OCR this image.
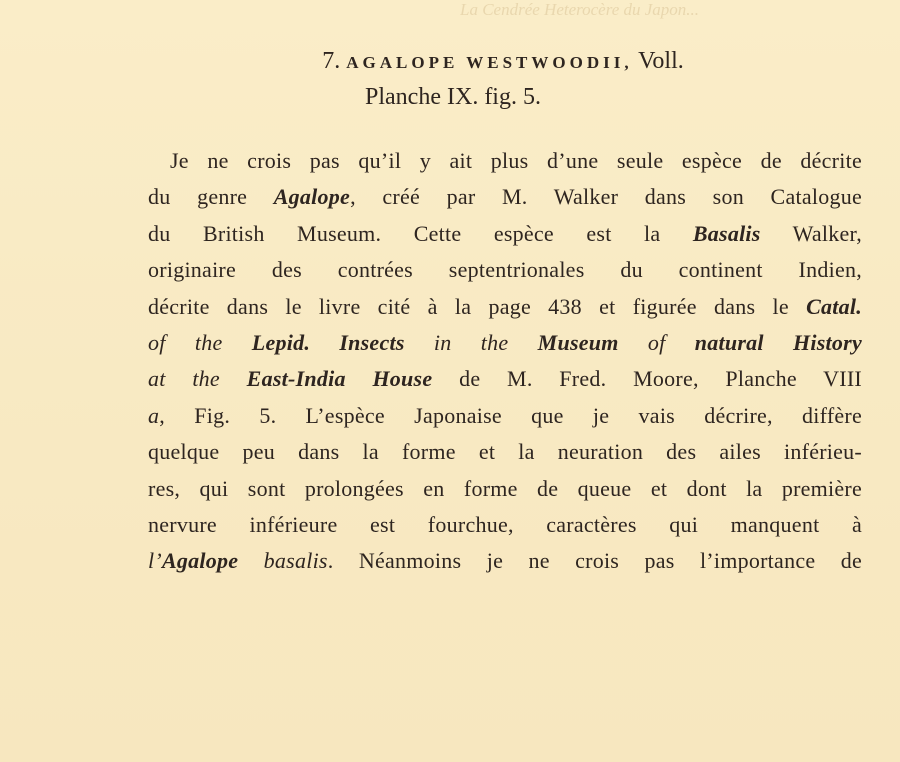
La Cendrée Heterocère du Japon...
7. AGALOPE WESTWOODII, Voll.
Planche IX. fig. 5.
Je ne crois pas qu’il y ait plus d’une seule espèce de décrite
du genre Agalope, créé par M. Walker dans son Catalogue
du British Museum. Cette espèce est la Basalis Walker,
originaire des contrées septentrionales du continent Indien,
décrite dans le livre cité à la page 438 et figurée dans le Catal.
of the Lepid. Insects in the Museum of natural History
at the East-India House de M. Fred. Moore, Planche VIII
a, Fig. 5. L’espèce Japonaise que je vais décrire, diffère
quelque peu dans la forme et la neuration des ailes inférieu-
res, qui sont prolongées en forme de queue et dont la première
nervure inférieure est fourchue, caractères qui manquent à
l’Agalope basalis. Néanmoins je ne crois pas l’importance de
